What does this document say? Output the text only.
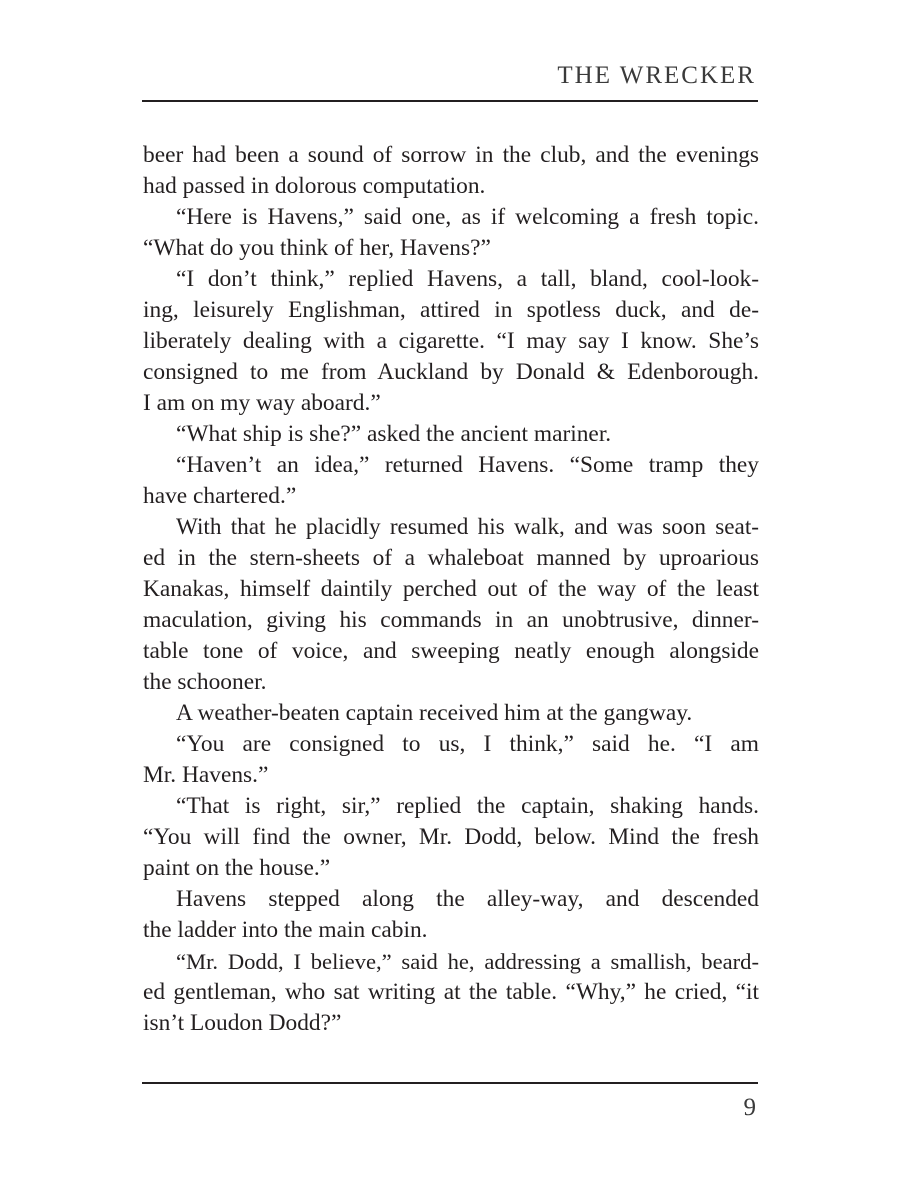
THE WRECKER

beer had been a sound of sorrow in the club, and the evenings
had passed in dolorous computation.

“Here is Havens,” said one, as if welcoming a fresh topic.
“What do you think of her, Havens?”

“I don’t think,” replied Havens, a tall, bland, cool-look-
ing, leisurely Englishman, attired in spotless duck, and de-
liberately dealing with a cigarette. “I may say I know. She’s
consigned to me from Auckland by Donald & Edenborough.
I am on my way aboard.”

“What ship is she?” asked the ancient mariner.

“Haven’t an idea,” returned Havens. “Some tramp they
have chartered.”

With that he placidly resumed his walk, and was soon seat-
ed in the stern-sheets of a whaleboat manned by uproarious
Kanakas, himself daintily perched out of the way of the least
maculation, giving his commands in an unobtrusive, dinner-
table tone of voice, and sweeping neatly enough alongside
the schooner.

A weather-beaten captain received him at the gangway.

“You are consigned to us, I think,” said he. “I am
Mr. Havens.”

“That is right, sir,” replied the captain, shaking hands.
“You will find the owner, Mr. Dodd, below. Mind the fresh
paint on the house.”

Havens stepped along the alley-way, and descended
the ladder into the main cabin.

“Mr. Dodd, I believe,” said he, addressing a smallish, beard-
ed gentleman, who sat writing at the table. “Why,” he cried, “it
isn’t Loudon Dodd?”

9
